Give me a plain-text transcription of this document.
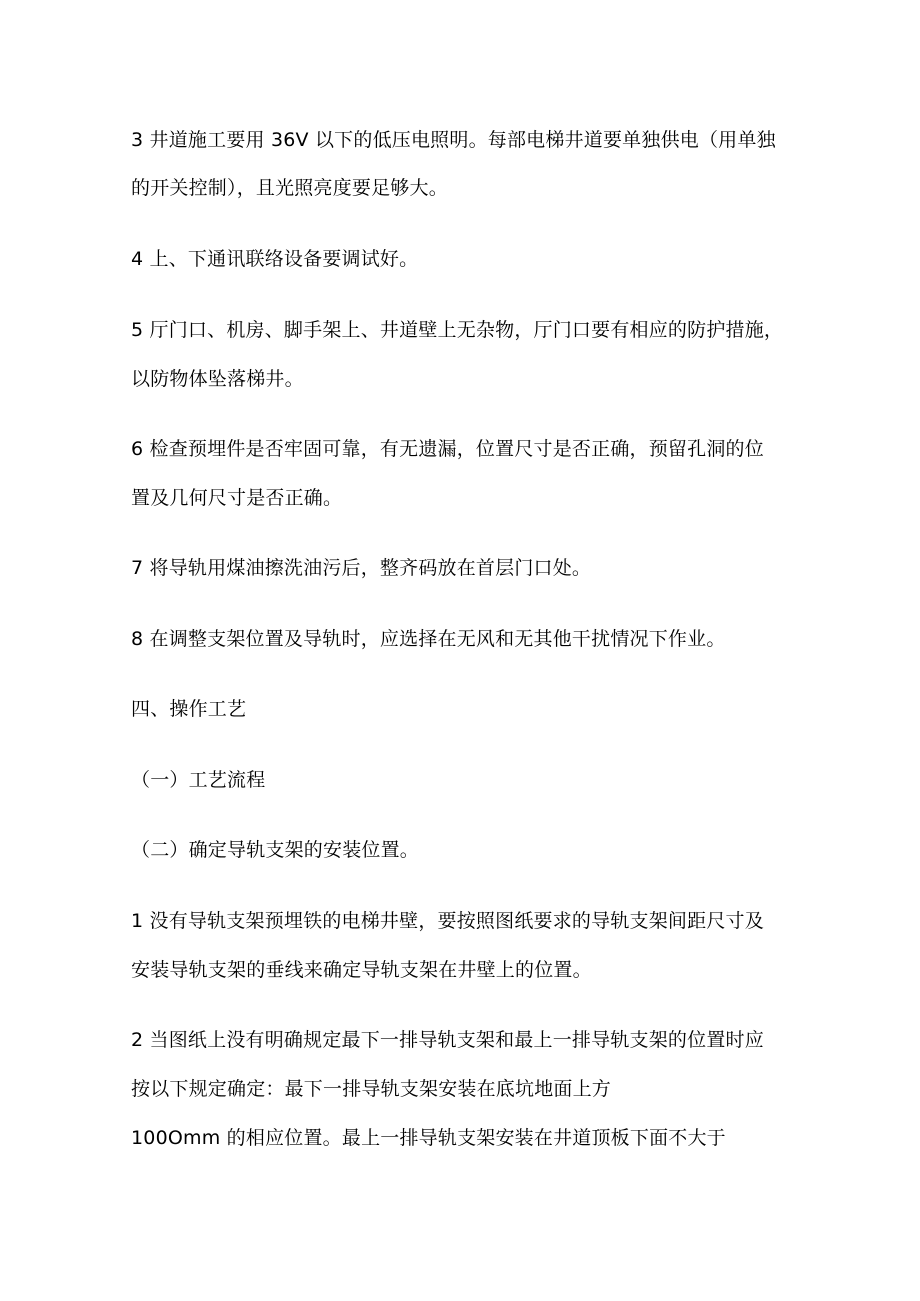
3 井道施工要用 36V 以下的低压电照明。每部电梯井道要单独供电（用单独
的开关控制），且光照亮度要足够大。
4 上、下通讯联络设备要调试好。
5 厅门口、机房、脚手架上、井道壁上无杂物，厅门口要有相应的防护措施，
以防物体坠落梯井。
6 检查预埋件是否牢固可靠，有无遗漏，位置尺寸是否正确，预留孔洞的位
置及几何尺寸是否正确。
7 将导轨用煤油擦洗油污后，整齐码放在首层门口处。
8 在调整支架位置及导轨时，应选择在无风和无其他干扰情况下作业。
四、操作工艺
（一）工艺流程
（二）确定导轨支架的安装位置。
1 没有导轨支架预埋铁的电梯井壁，要按照图纸要求的导轨支架间距尺寸及
安装导轨支架的垂线来确定导轨支架在井壁上的位置。
2 当图纸上没有明确规定最下一排导轨支架和最上一排导轨支架的位置时应
按以下规定确定：最下一排导轨支架安装在底坑地面上方
100Omm 的相应位置。最上一排导轨支架安装在井道顶板下面不大于
